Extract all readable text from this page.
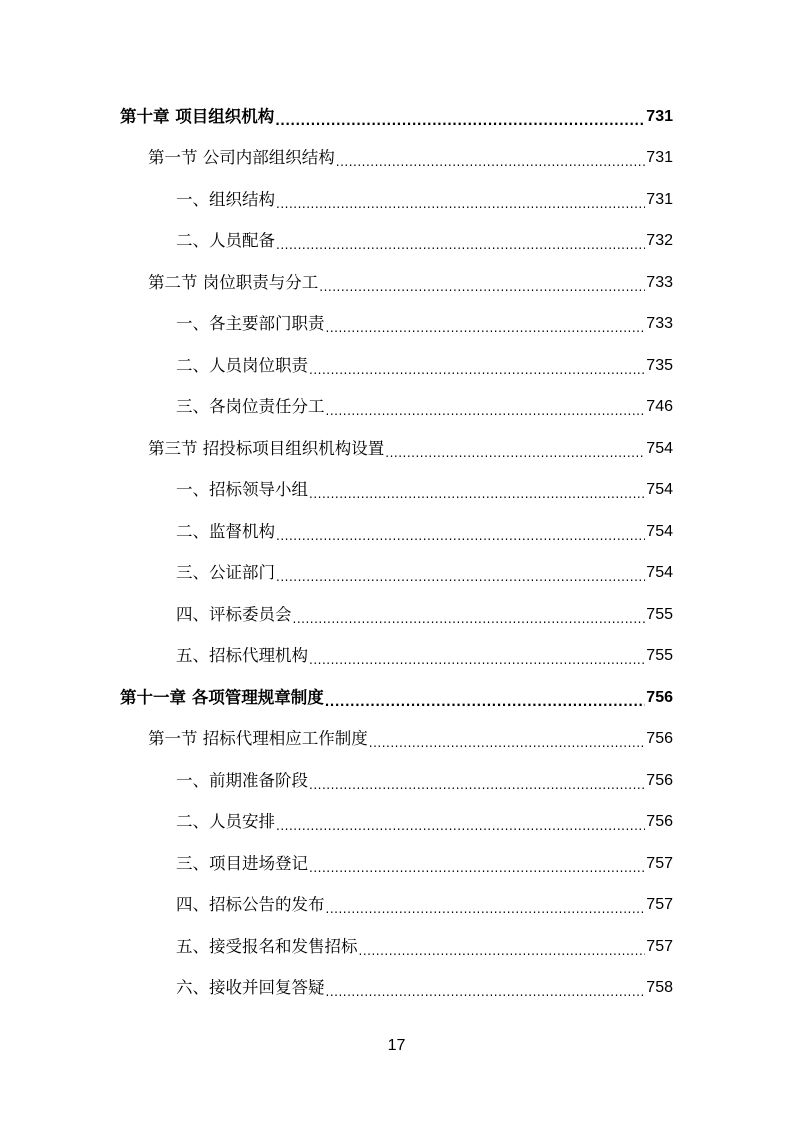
第十章 项目组织机构 .....	731
第一节 公司内部组织结构 .....	731
一、组织结构 .....	731
二、人员配备 .....	732
第二节 岗位职责与分工 .....	733
一、各主要部门职责 .....	733
二、人员岗位职责 .....	735
三、各岗位责任分工 .....	746
第三节 招投标项目组织机构设置 .....	754
一、招标领导小组 .....	754
二、监督机构 .....	754
三、公证部门 .....	754
四、评标委员会 .....	755
五、招标代理机构 .....	755
第十一章 各项管理规章制度 .....	756
第一节 招标代理相应工作制度 .....	756
一、前期准备阶段 .....	756
二、人员安排 .....	756
三、项目进场登记 .....	757
四、招标公告的发布 .....	757
五、接受报名和发售招标 .....	757
六、接收并回复答疑 .....	758
17
